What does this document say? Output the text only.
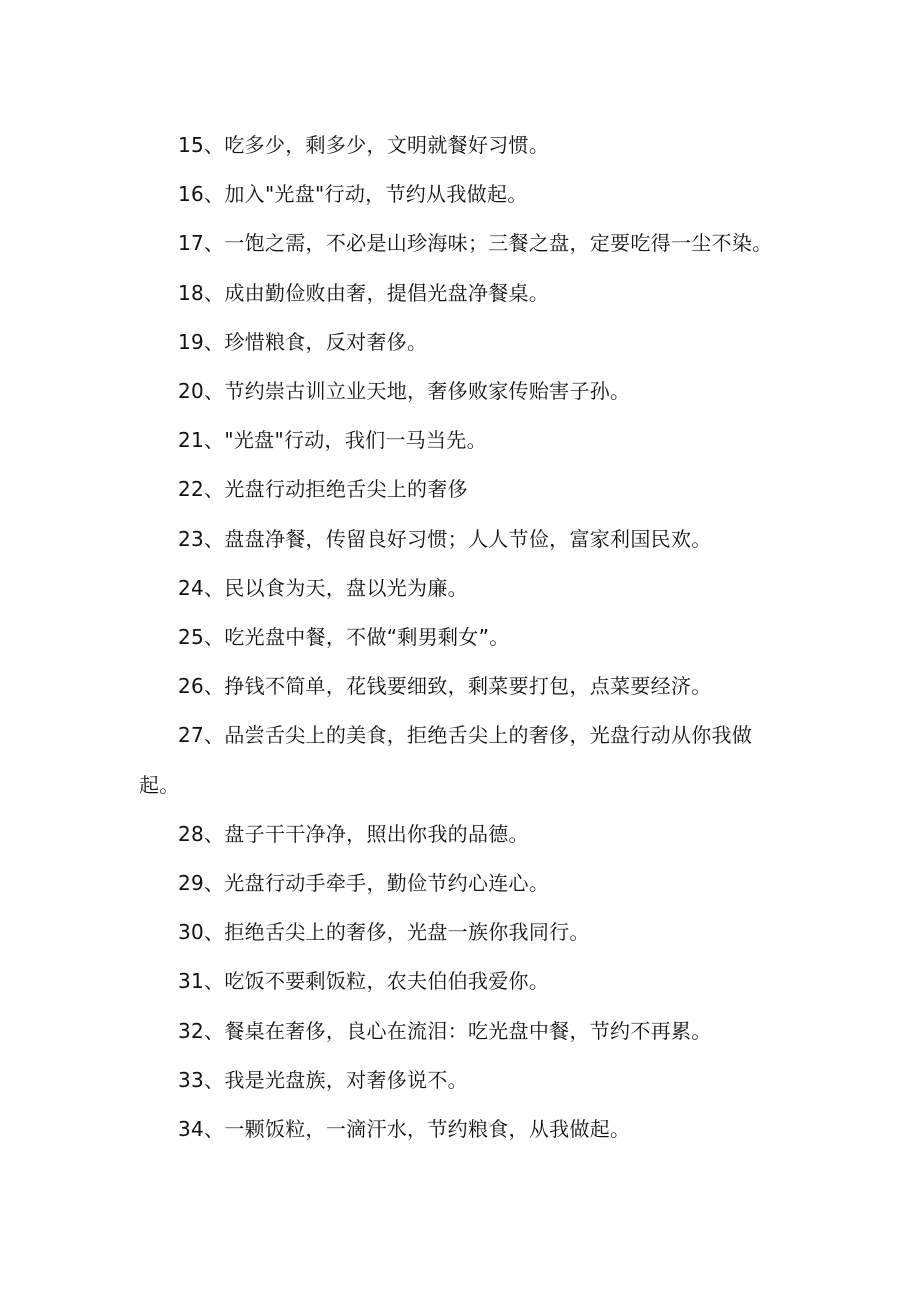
15、吃多少，剩多少，文明就餐好习惯。

16、加入"光盘"行动，节约从我做起。

17、一饱之需，不必是山珍海味；三餐之盘，定要吃得一尘不染。

18、成由勤俭败由奢，提倡光盘净餐桌。

19、珍惜粮食，反对奢侈。

20、节约崇古训立业天地，奢侈败家传贻害子孙。

21、"光盘"行动，我们一马当先。

22、光盘行动拒绝舌尖上的奢侈

23、盘盘净餐，传留良好习惯；人人节俭，富家利国民欢。

24、民以食为天，盘以光为廉。

25、吃光盘中餐，不做“剩男剩女”。

26、挣钱不简单，花钱要细致，剩菜要打包，点菜要经济。

27、品尝舌尖上的美食，拒绝舌尖上的奢侈，光盘行动从你我做起。

28、盘子干干净净，照出你我的品德。

29、光盘行动手牵手，勤俭节约心连心。

30、拒绝舌尖上的奢侈，光盘一族你我同行。

31、吃饭不要剩饭粒，农夫伯伯我爱你。

32、餐桌在奢侈，良心在流泪：吃光盘中餐，节约不再累。

33、我是光盘族，对奢侈说不。

34、一颗饭粒，一滴汗水，节约粮食，从我做起。
